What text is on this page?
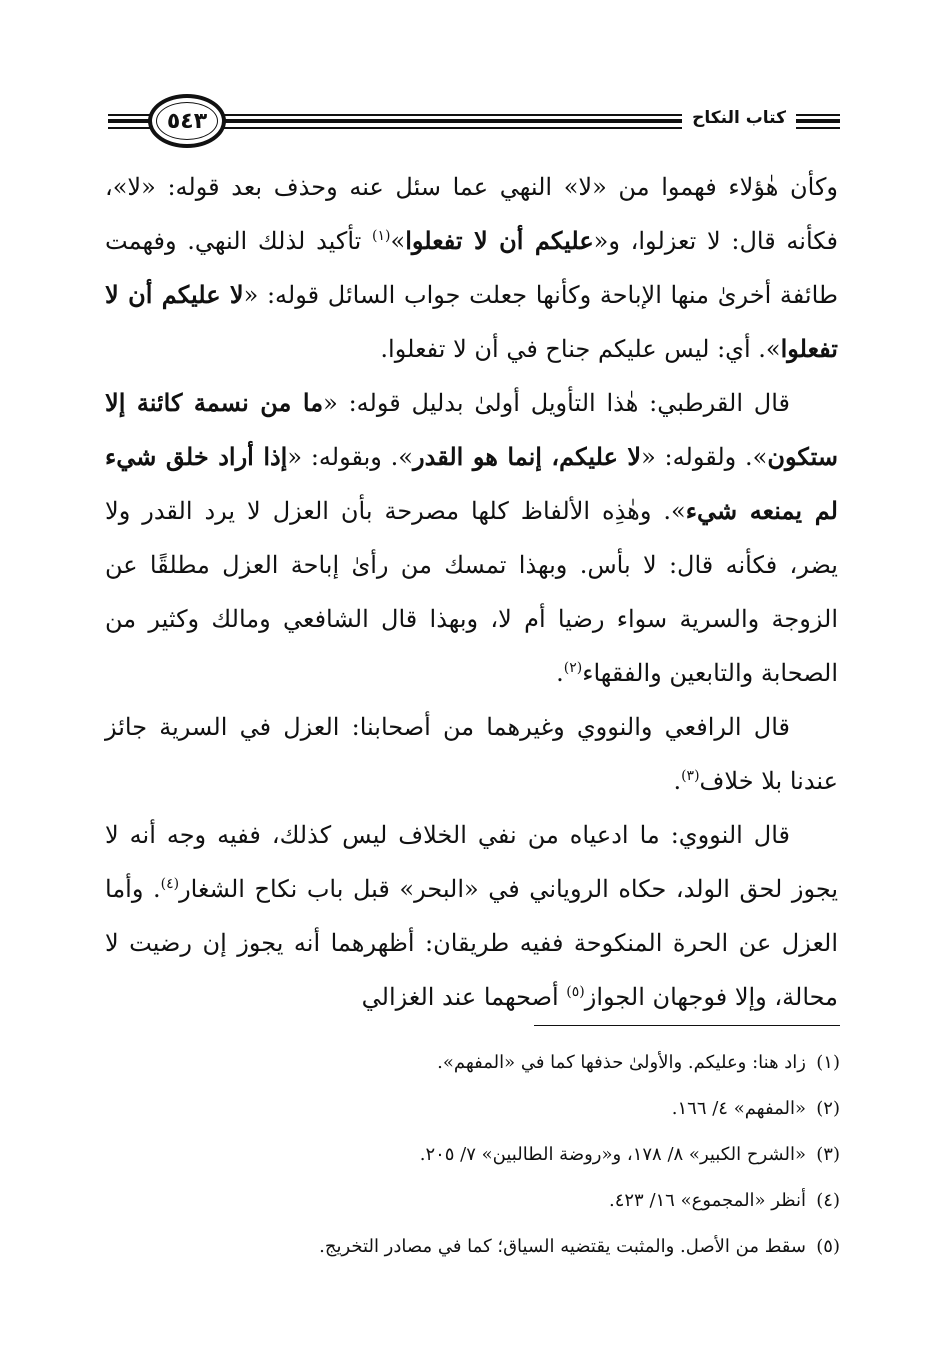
كتاب النكاح
٥٤٣

وكأن هٰؤلاء فهموا من «لا» النهي عما سئل عنه وحذف بعد قوله: «لا»، فكأنه قال: لا تعزلوا، و«عليكم أن لا تفعلوا»$^{(١)}$ تأكيد لذلك النهي. وفهمت طائفة أخرىٰ منها الإباحة وكأنها جعلت جواب السائل قوله: «لا عليكم أن لا تفعلوا». أي: ليس عليكم جناح في أن لا تفعلوا.

قال القرطبي: هٰذا التأويل أولىٰ بدليل قوله: «ما من نسمة كائنة إلا ستكون». ولقوله: «لا عليكم، إنما هو القدر». وبقوله: «إذا أراد خلق شيء لم يمنعه شيء». وهٰذِه الألفاظ كلها مصرحة بأن العزل لا يرد القدر ولا يضر، فكأنه قال: لا بأس. وبهذا تمسك من رأىٰ إباحة العزل مطلقًا عن الزوجة والسرية سواء رضيا أم لا، وبهذا قال الشافعي ومالك وكثير من الصحابة والتابعين والفقهاء$^{(٢)}$.

قال الرافعي والنووي وغيرهما من أصحابنا: العزل في السرية جائز عندنا بلا خلاف$^{(٣)}$.

قال النووي: ما ادعياه من نفي الخلاف ليس كذلك، ففيه وجه أنه لا يجوز لحق الولد، حكاه الروياني في «البحر» قبل باب نكاح الشغار$^{(٤)}$. وأما العزل عن الحرة المنكوحة ففيه طريقان: أظهرهما أنه يجوز إن رضيت لا محالة، وإلا فوجهان الجواز$^{(٥)}$ أصحهما عند الغزالي

(١)زاد هنا: وعليكم. والأولىٰ حذفها كما في «المفهم».
(٢)«المفهم» ٤/ ١٦٦.
(٣)«الشرح الكبير» ٨/ ١٧٨، و«روضة الطالبين» ٧/ ٢٠٥.
(٤)أنظر «المجموع» ١٦/ ٤٢٣.
(٥)سقط من الأصل. والمثبت يقتضيه السياق؛ كما في مصادر التخريج.
